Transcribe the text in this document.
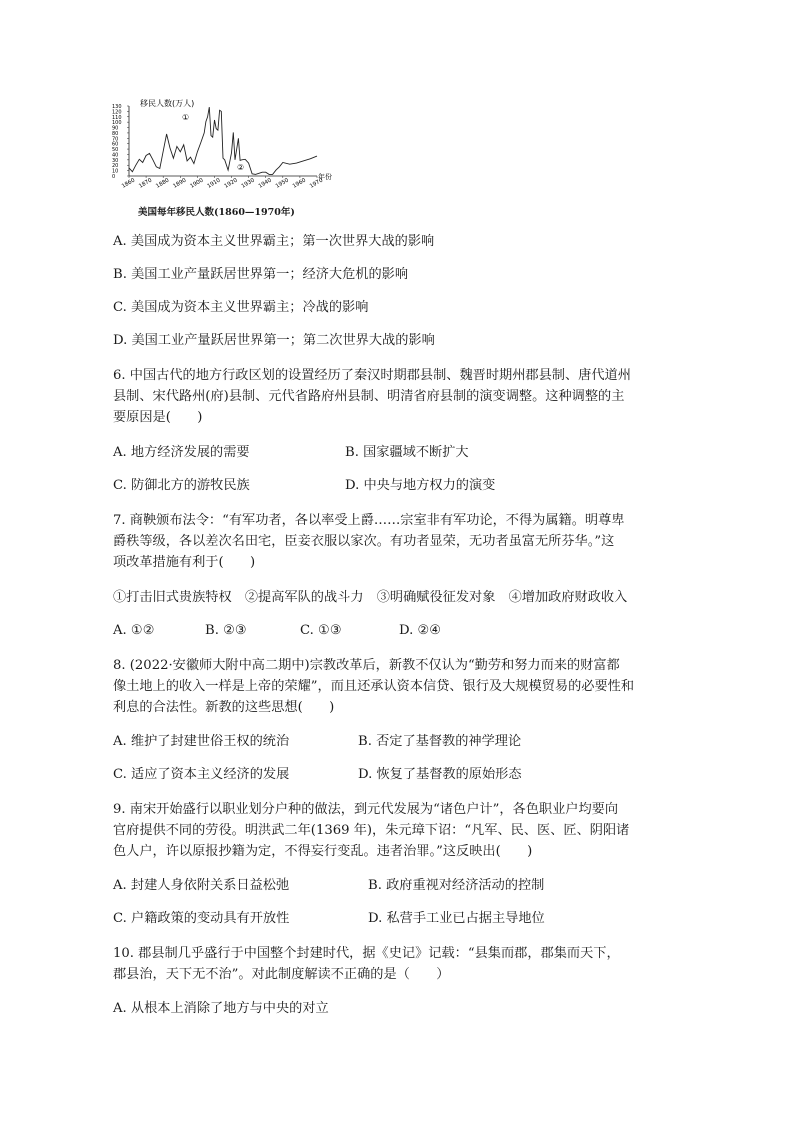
130
120
110
100
90
80
70
60
50
40
30
20
10
0
1860 1870 1880 1890 1900 1910 1920 1930 1940 1950 1960 1970
移民人数(万人)
年份
①
②
美国每年移民人数(1860—1970年)
A. 美国成为资本主义世界霸主；第一次世界大战的影响
B. 美国工业产量跃居世界第一；经济大危机的影响
C. 美国成为资本主义世界霸主；冷战的影响
D. 美国工业产量跃居世界第一；第二次世界大战的影响
6. 中国古代的地方行政区划的设置经历了秦汉时期郡县制、魏晋时期州郡县制、唐代道州
县制、宋代路州(府)县制、元代省路府州县制、明清省府县制的演变调整。这种调整的主
要原因是(　　)
A. 地方经济发展的需要	B. 国家疆域不断扩大
C. 防御北方的游牧民族	D. 中央与地方权力的演变
7. 商鞅颁布法令：“有军功者，各以率受上爵……宗室非有军功论，不得为属籍。明尊卑
爵秩等级，各以差次名田宅，臣妾衣服以家次。有功者显荣，无功者虽富无所芬华。”这
项改革措施有利于(　　)
①打击旧式贵族特权　②提高军队的战斗力　③明确赋役征发对象　④增加政府财政收入
A. ①②	B. ②③	C. ①③	D. ②④
8. (2022·安徽师大附中高二期中)宗教改革后，新教不仅认为“勤劳和努力而来的财富都
像土地上的收入一样是上帝的荣耀”，而且还承认资本信贷、银行及大规模贸易的必要性和
利息的合法性。新教的这些思想(　　)
A. 维护了封建世俗王权的统治	B. 否定了基督教的神学理论
C. 适应了资本主义经济的发展	D. 恢复了基督教的原始形态
9. 南宋开始盛行以职业划分户种的做法，到元代发展为“诸色户计”，各色职业户均要向
官府提供不同的劳役。明洪武二年(1369 年)，朱元璋下诏：“凡军、民、医、匠、阴阳诸
色人户，许以原报抄籍为定，不得妄行变乱。违者治罪。”这反映出(　　)
A. 封建人身依附关系日益松弛	B. 政府重视对经济活动的控制
C. 户籍政策的变动具有开放性	D. 私营手工业已占据主导地位
10. 郡县制几乎盛行于中国整个封建时代，据《史记》记载：“县集而郡，郡集而天下，
郡县治，天下无不治”。对此制度解读不正确的是（　　）
A. 从根本上消除了地方与中央的对立
